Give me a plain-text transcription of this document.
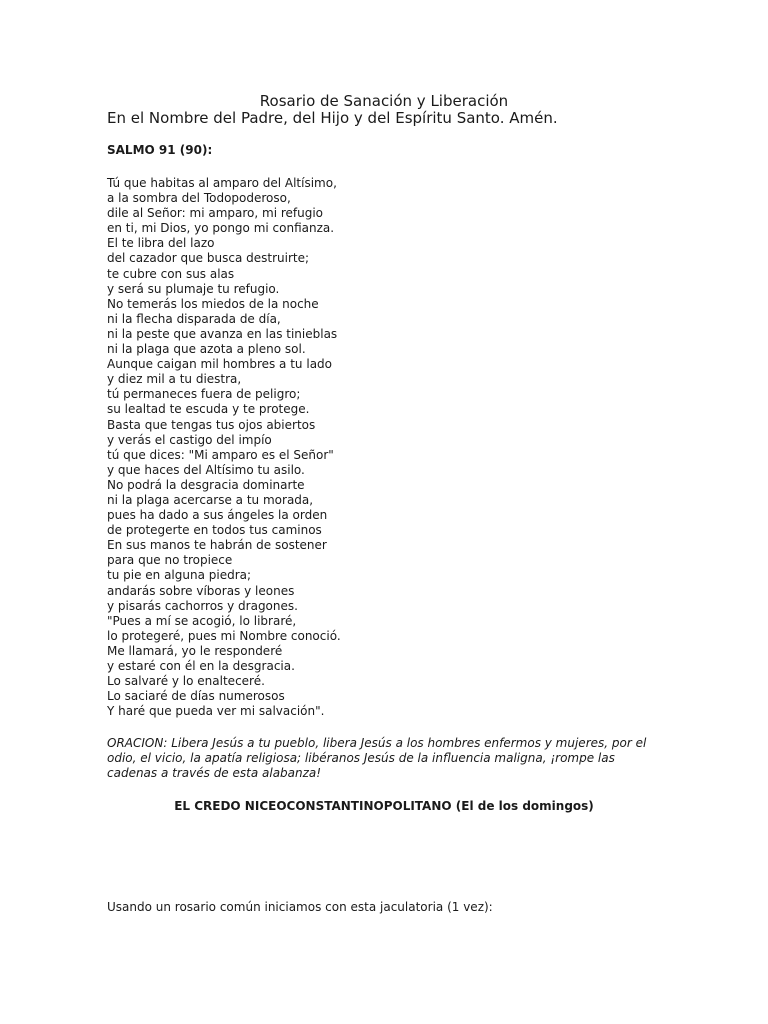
Rosario de Sanación y Liberación
En el Nombre del Padre, del Hijo y del Espíritu Santo. Amén.
SALMO 91 (90):
Tú que habitas al amparo del Altísimo,
a la sombra del Todopoderoso,
dile al Señor: mi amparo, mi refugio
en ti, mi Dios, yo pongo mi confianza.
El te libra del lazo
del cazador que busca destruirte;
te cubre con sus alas
y será su plumaje tu refugio.
No temerás los miedos de la noche
ni la flecha disparada de día,
ni la peste que avanza en las tinieblas
ni la plaga que azota a pleno sol.
Aunque caigan mil hombres a tu lado
y diez mil a tu diestra,
tú permaneces fuera de peligro;
su lealtad te escuda y te protege.
Basta que tengas tus ojos abiertos
y verás el castigo del impío
tú que dices: "Mi amparo es el Señor"
y que haces del Altísimo tu asilo.
No podrá la desgracia dominarte
ni la plaga acercarse a tu morada,
pues ha dado a sus ángeles la orden
de protegerte en todos tus caminos
En sus manos te habrán de sostener
para que no tropiece
tu pie en alguna piedra;
andarás sobre víboras y leones
y pisarás cachorros y dragones.
"Pues a mí se acogió, lo libraré,
lo protegeré, pues mi Nombre conoció.
Me llamará, yo le responderé
y estaré con él en la desgracia.
Lo salvaré y lo enalteceré.
Lo saciaré de días numerosos
Y haré que pueda ver mi salvación".
ORACION: Libera Jesús a tu pueblo, libera Jesús a los hombres enfermos y mujeres, por el odio, el vicio, la apatía religiosa; libéranos Jesús de la influencia maligna, ¡rompe las cadenas a través de esta alabanza!
EL CREDO NICEOCONSTANTINOPOLITANO (El de los domingos)
Usando un rosario común iniciamos con esta jaculatoria (1 vez):
